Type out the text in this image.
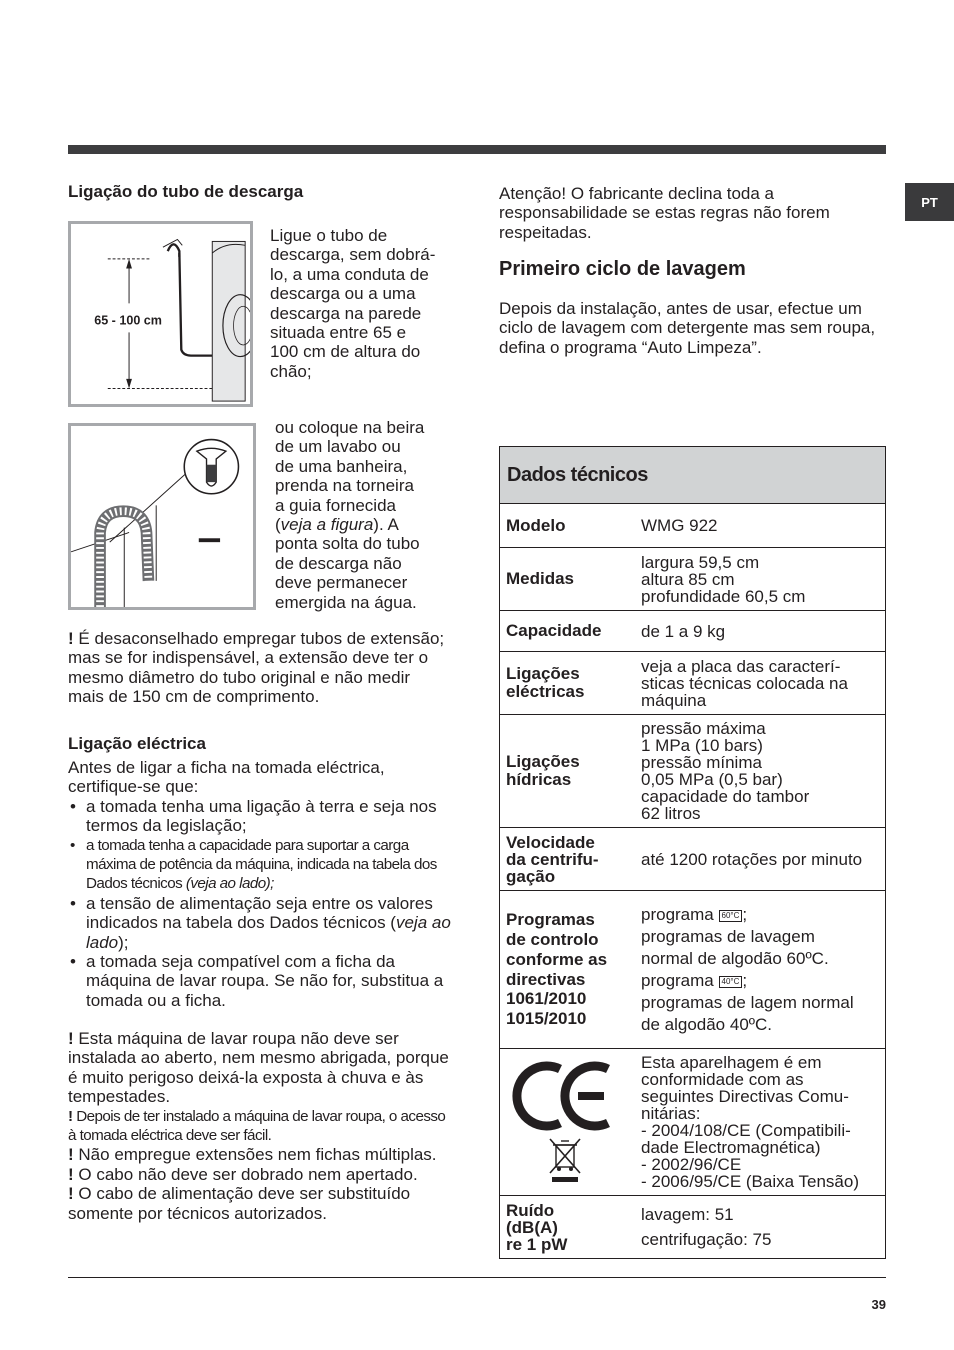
PT
Ligação do tubo de descarga
65 - 100 cm

Ligue o tubo de

descarga, sem dobrá-

lo, a uma conduta de

descarga ou a uma

descarga na parede

situada entre 65 e

100 cm de altura do

chão;

ou coloque na beira

de um lavabo ou

de uma banheira,

prenda na torneira

a guia fornecida

(veja a figura). A

ponta solta do tubo

de descarga não

deve permanecer

emergida na água.

! É desaconselhado empregar tubos de extensão; mas se for indispensável, a extensão deve ter o mesmo diâmetro do tubo original e não medir mais de 150 cm de comprimento.
Ligação eléctrica

Antes de ligar a ficha na tomada eléctrica, certifique-se que:

• a tomada tenha uma ligação à terra e seja nos termos da legislação;
• a tomada tenha a capacidade para suportar a carga máxima de potência da máquina, indicada na tabela dos Dados técnicos (veja ao lado);
• a tensão de alimentação seja entre os valores indicados na tabela dos Dados técnicos (veja ao lado);
• a tomada seja compatível com a ficha da máquina de lavar roupa. Se não for, substitua a tomada ou a ficha.

! Esta máquina de lavar roupa não deve ser instalada ao aberto, nem mesmo abrigada, porque é muito perigoso deixá-la exposta à chuva e às tempestades.

! Depois de ter instalado a máquina de lavar roupa, o acesso à tomada eléctrica deve ser fácil.

! Não empregue extensões nem fichas múltiplas.

! O cabo não deve ser dobrado nem apertado.

! O cabo de alimentação deve ser substituído somente por técnicos autorizados.

Atenção! O fabricante declina toda a responsabilidade se estas regras não forem respeitadas.
Primeiro ciclo de lavagem
Depois da instalação, antes de usar, efectue um ciclo de lavagem com detergente mas sem roupa, defina o programa “Auto Limpeza”.
Dados técnicos
Modelo	WMG 922
Medidas
largura 59,5 cm
altura 85 cm
profundidade 60,5 cm
Capacidade	de 1 a 9 kg
Ligações
eléctricas
veja a placa das caracterí-
sticas técnicas colocada na
máquina
Ligações
hídricas
pressão máxima
1 MPa (10 bars)
pressão mínima
0,05 MPa (0,5 bar)
capacidade do tambor
62 litros
Velocidade
da centrifu-
gação
até 1200 rotações por minuto
Programas
de controlo
conforme as
directivas
1061/2010
1015/2010
programa 60°C ;
programas de lavagem
normal de algodão 60ºC.
programa 40°C ;
programas de lagem normal
de algodão 40ºC.
Esta aparelhagem é em
conformidade com as
seguintes Directivas Comu-
nitárias:
- 2004/108/CE (Compatibili-
dade Electromagnética)
- 2002/96/CE
- 2006/95/CE (Baixa Tensão)
Ruído
(dB(A)
re 1 pW
lavagem: 51
centrifugação: 75
39
